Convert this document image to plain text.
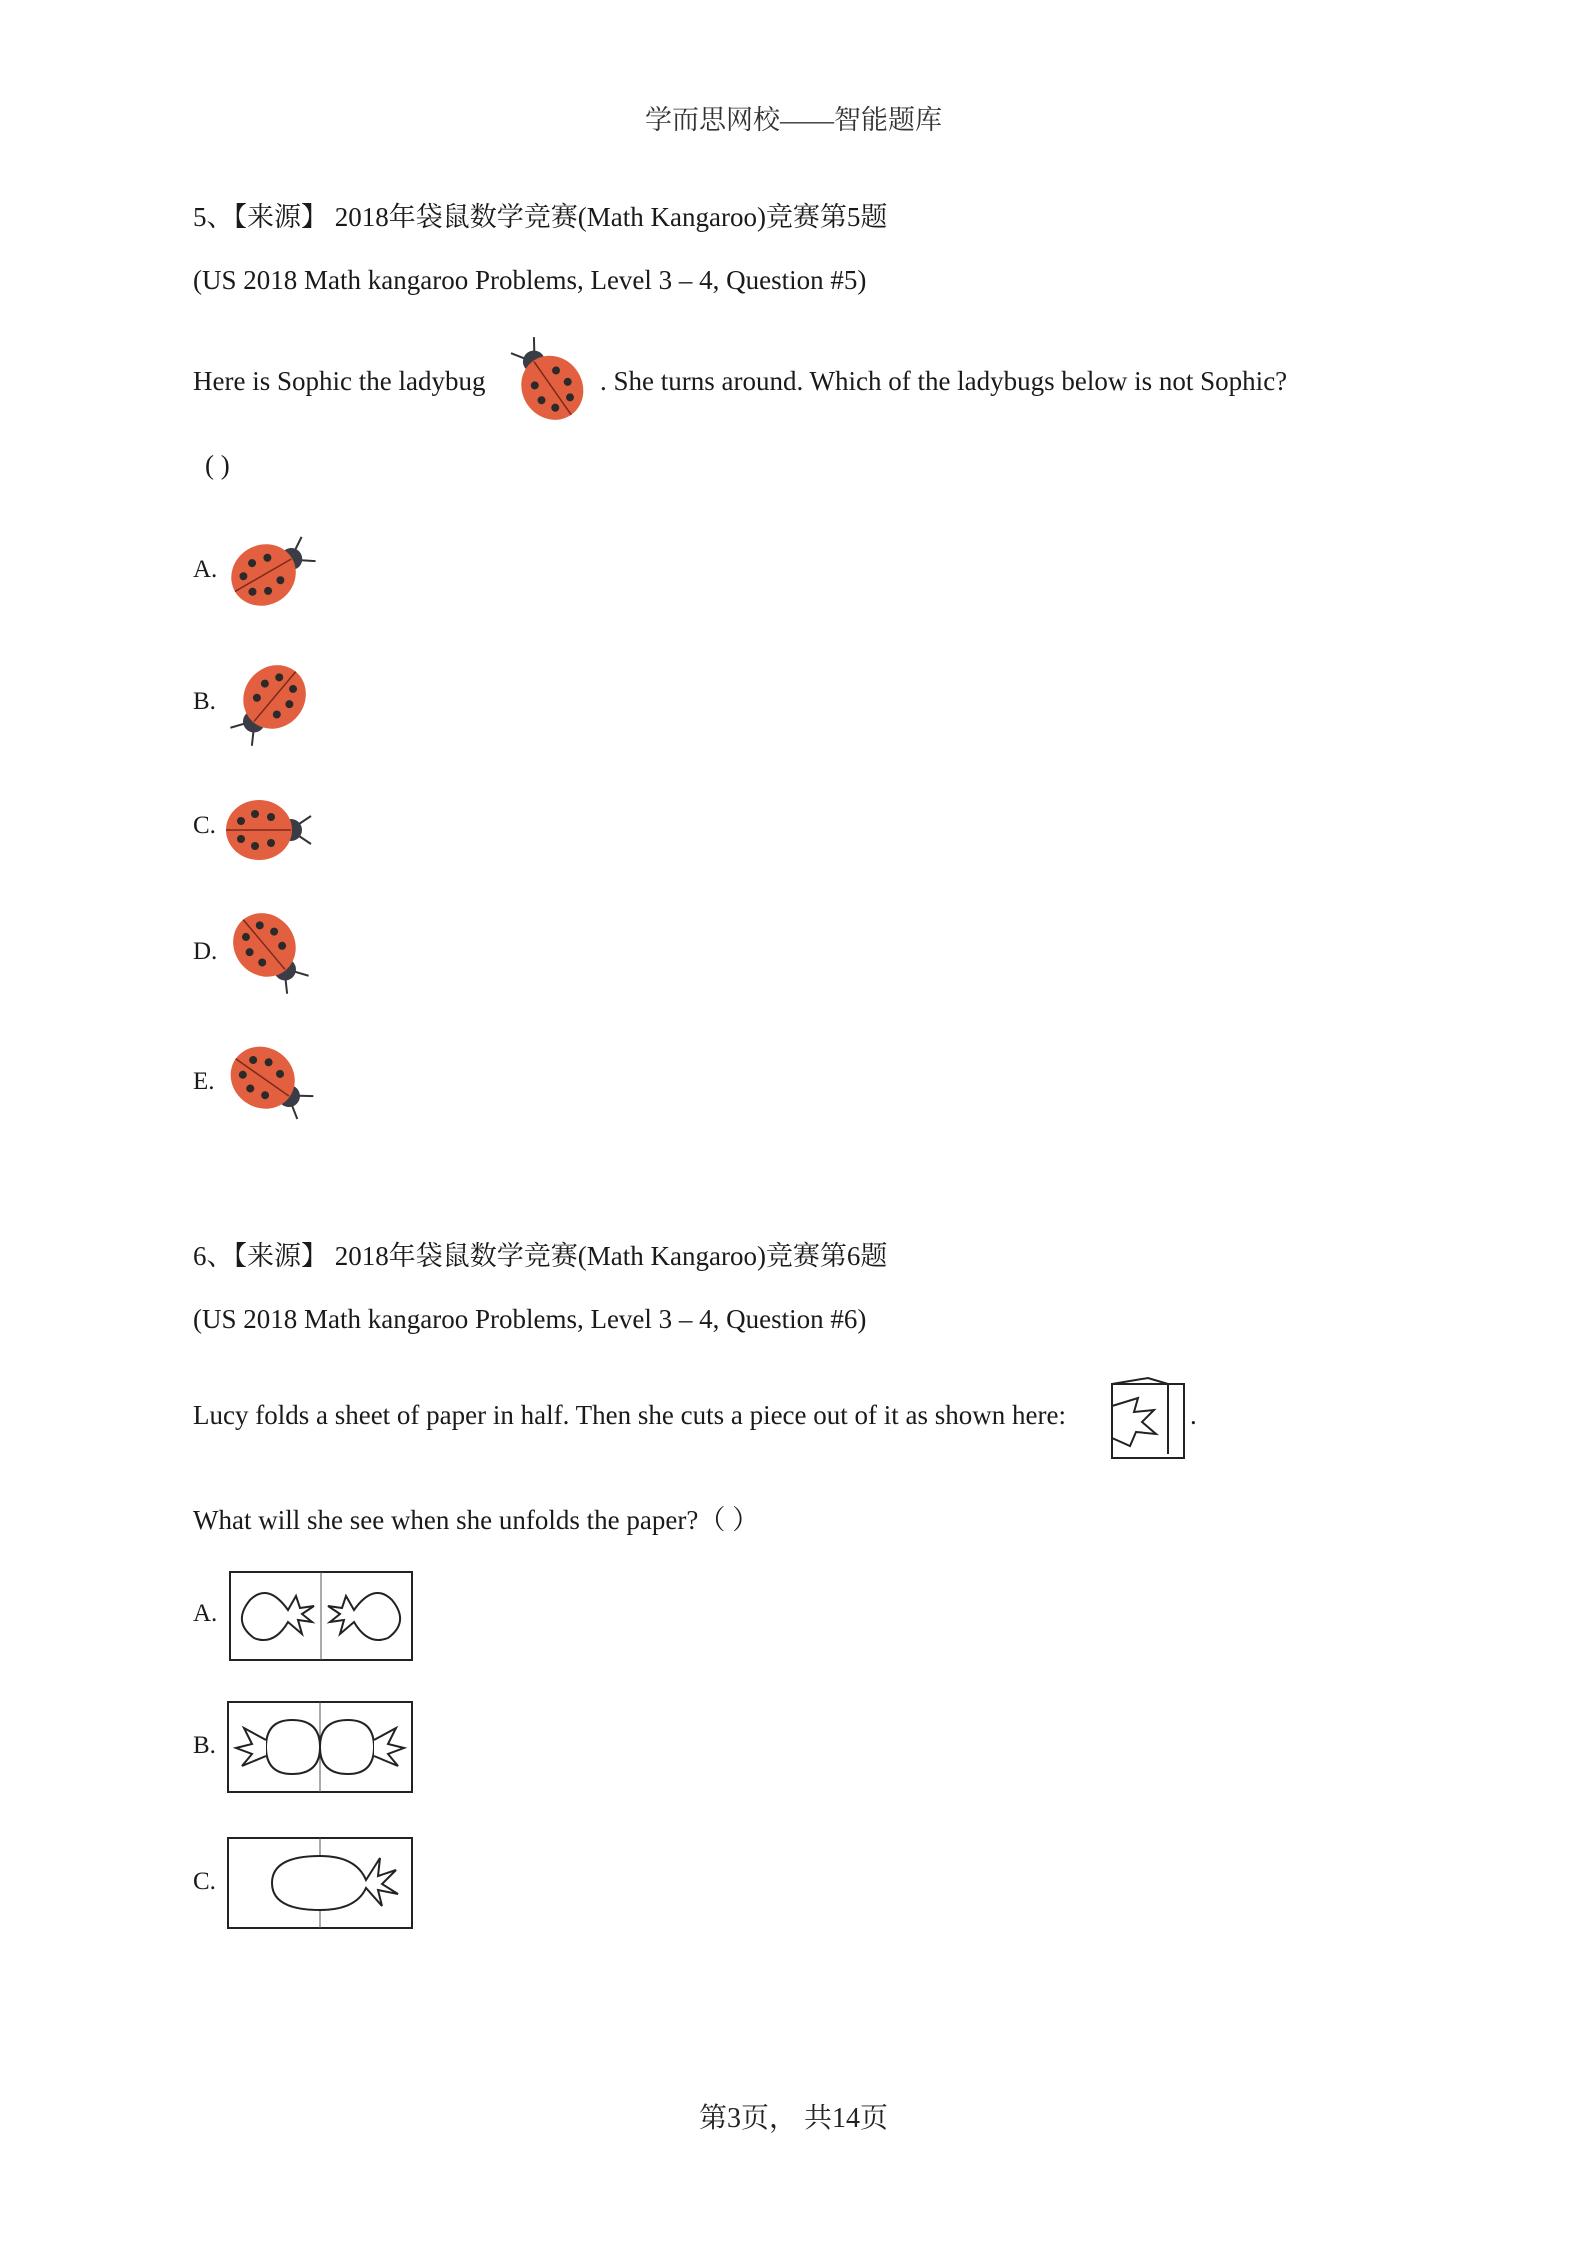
学而思网校——智能题库
5、【来源】 2018年袋鼠数学竞赛(Math Kangaroo)竞赛第5题
(US 2018 Math kangaroo Problems, Level 3 – 4, Question #5)
Here is Sophic the ladybug	. She turns around. Which of the ladybugs below is not Sophic?
( )
A.
B.
C.
D.
E.
6、【来源】 2018年袋鼠数学竞赛(Math Kangaroo)竞赛第6题
(US 2018 Math kangaroo Problems, Level 3 – 4, Question #6)
Lucy folds a sheet of paper in half. Then she cuts a piece out of it as shown here:	.
What will she see when she unfolds the paper?（ ）
A.
B.
C.
第3页， 共14页
